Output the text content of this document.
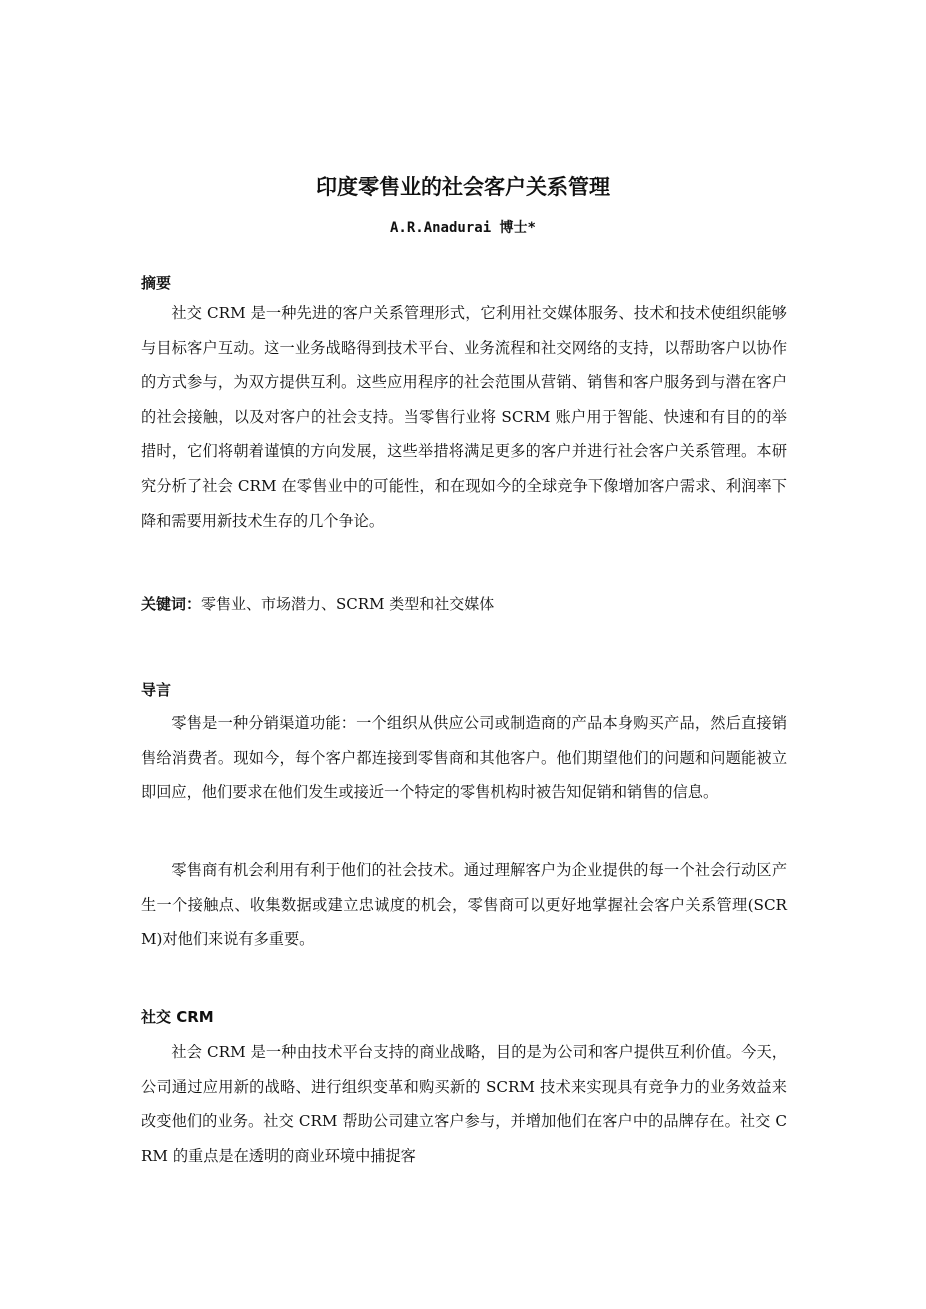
印度零售业的社会客户关系管理
A.R.Anadurai 博士*
摘要

社交 CRM 是一种先进的客户关系管理形式，它利用社交媒体服务、技术和技术使组织能够与目标客户互动。这一业务战略得到技术平台、业务流程和社交网络的支持，以帮助客户以协作的方式参与，为双方提供互利。这些应用程序的社会范围从营销、销售和客户服务到与潜在客户的社会接触，以及对客户的社会支持。当零售行业将 SCRM 账户用于智能、快速和有目的的举措时，它们将朝着谨慎的方向发展，这些举措将满足更多的客户并进行社会客户关系管理。本研究分析了社会 CRM 在零售业中的可能性，和在现如今的全球竞争下像增加客户需求、利润率下降和需要用新技术生存的几个争论。

关键词：零售业、市场潜力、SCRM 类型和社交媒体
导言

零售是一种分销渠道功能：一个组织从供应公司或制造商的产品本身购买产品，然后直接销售给消费者。现如今，每个客户都连接到零售商和其他客户。他们期望他们的问题和问题能被立即回应，他们要求在他们发生或接近一个特定的零售机构时被告知促销和销售的信息。

零售商有机会利用有利于他们的社会技术。通过理解客户为企业提供的每一个社会行动区产生一个接触点、收集数据或建立忠诚度的机会，零售商可以更好地掌握社会客户关系管理(SCRM)对他们来说有多重要。

社交 CRM

社会 CRM 是一种由技术平台支持的商业战略，目的是为公司和客户提供互利价值。今天，公司通过应用新的战略、进行组织变革和购买新的 SCRM 技术来实现具有竞争力的业务效益来改变他们的业务。社交 CRM 帮助公司建立客户参与，并增加他们在客户中的品牌存在。社交 CRM 的重点是在透明的商业环境中捕捉客
